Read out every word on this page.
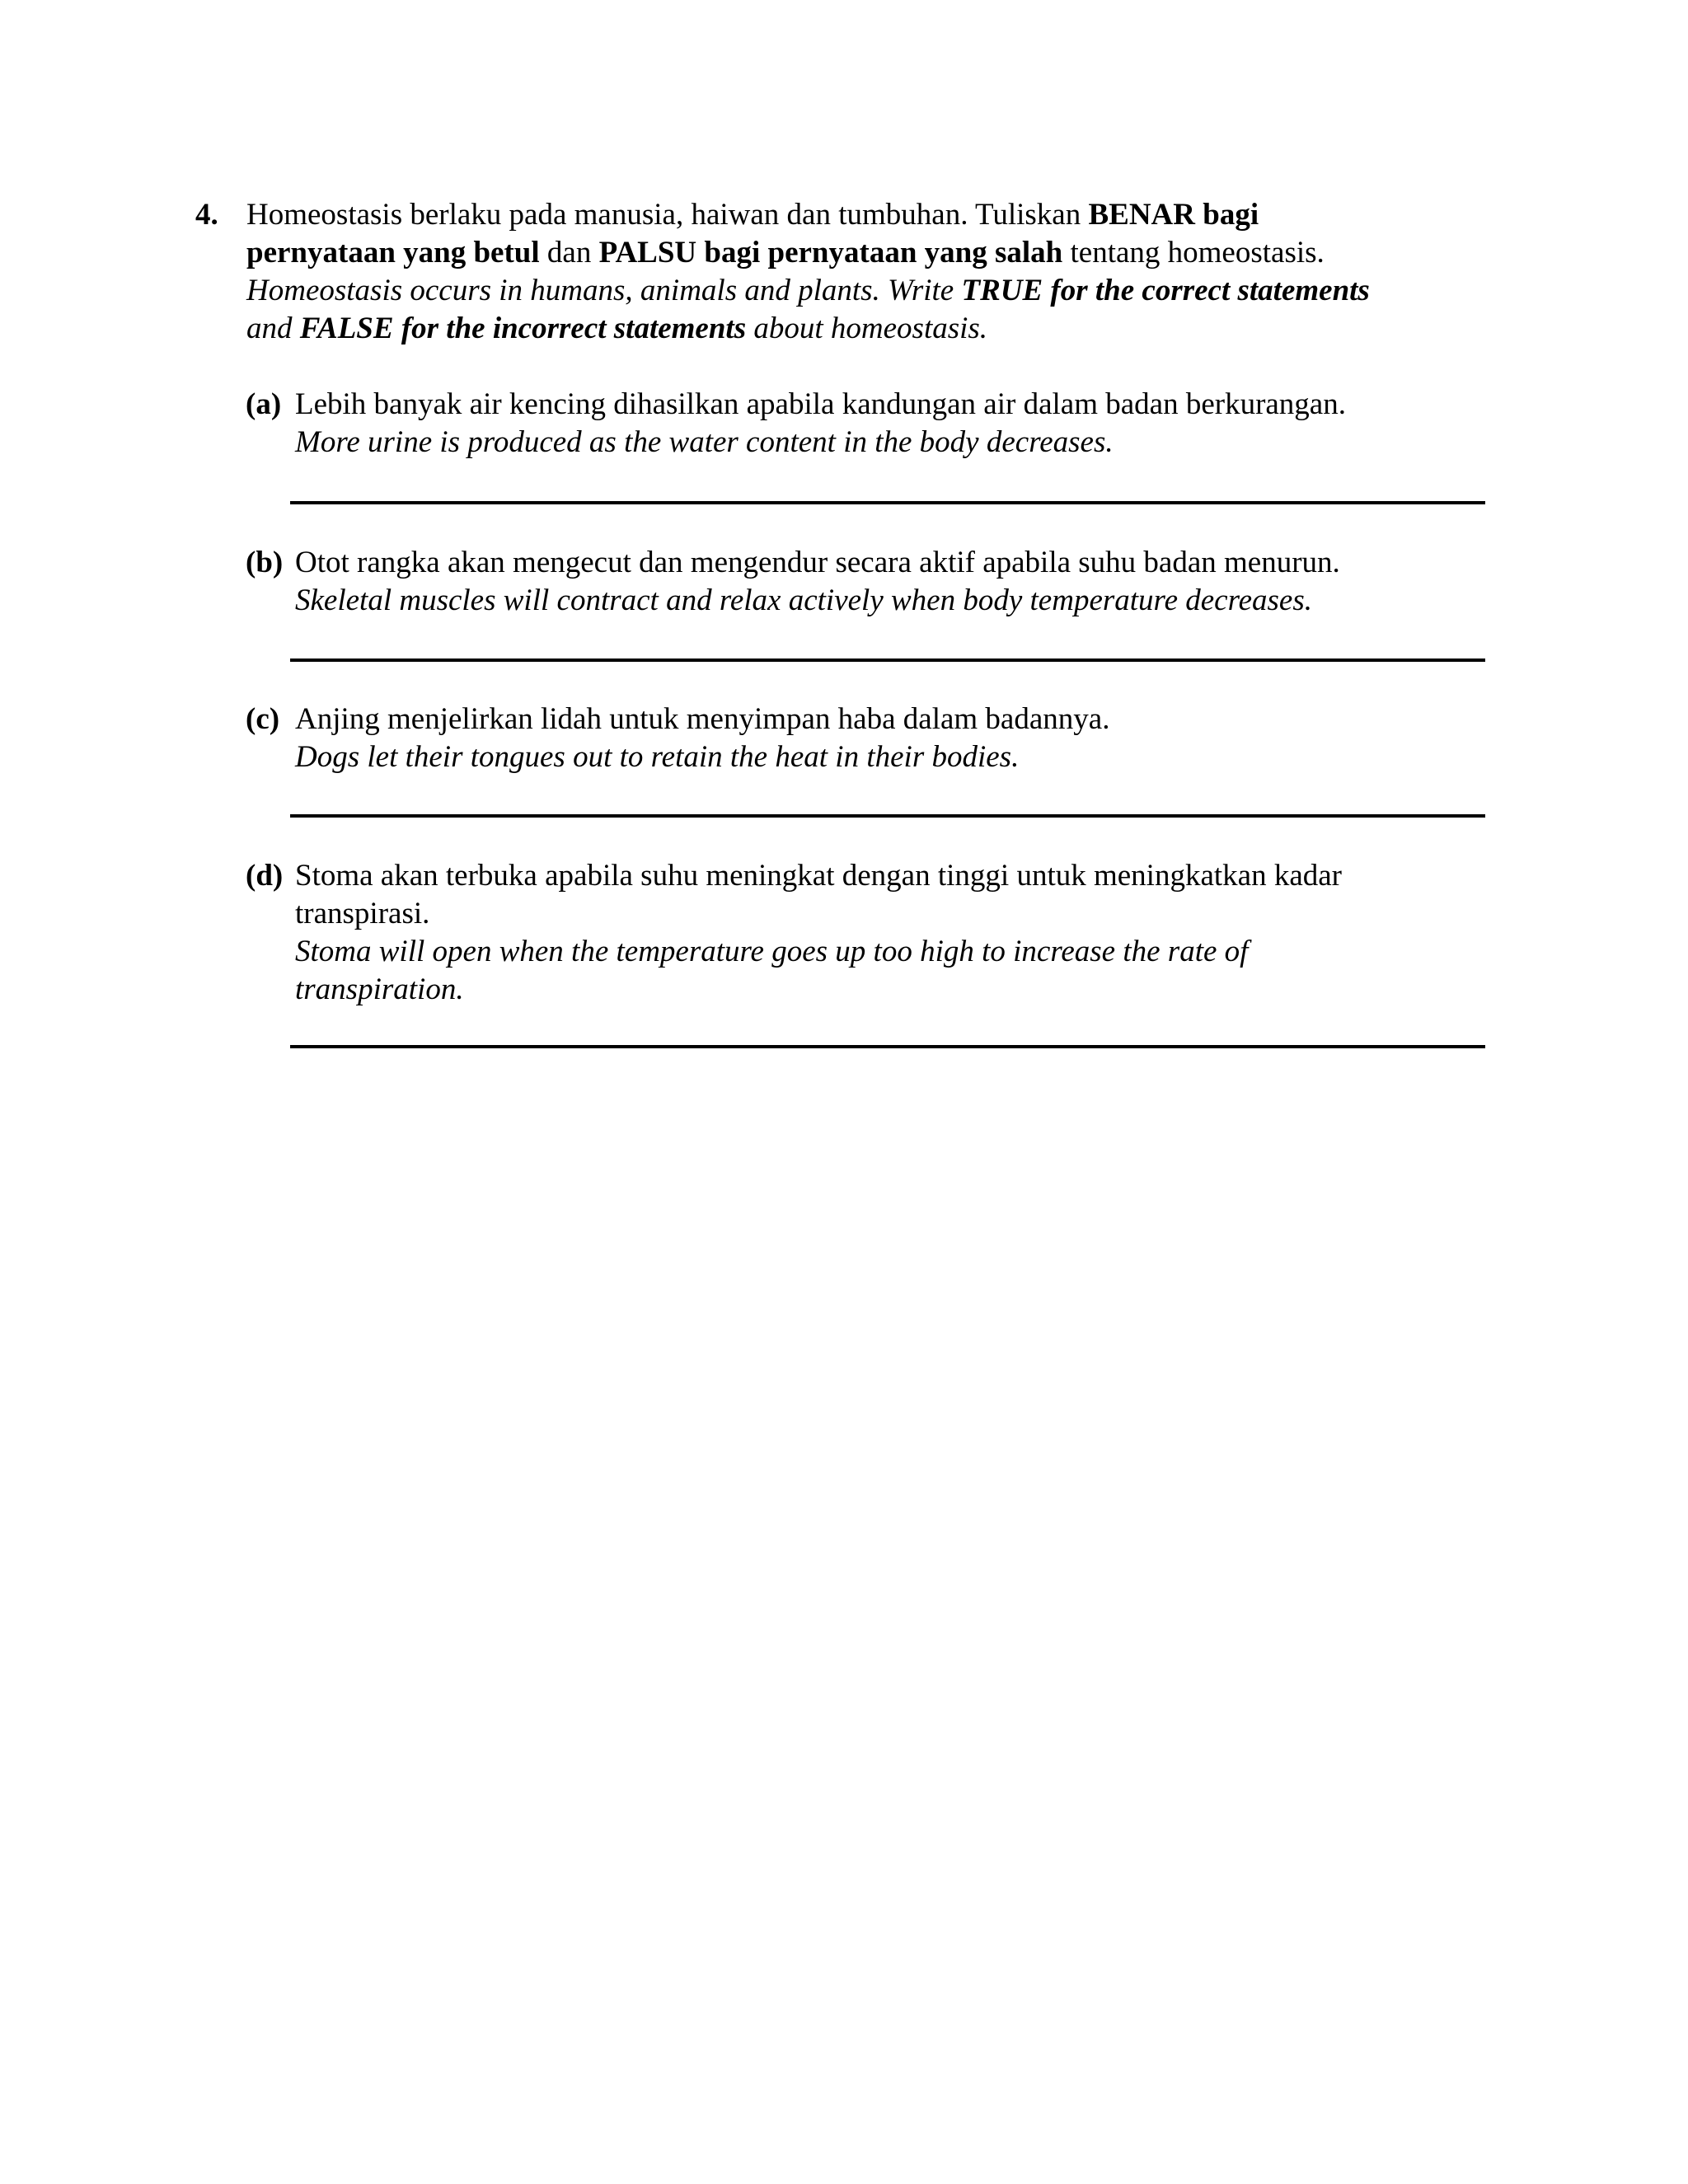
4. Homeostasis berlaku pada manusia, haiwan dan tumbuhan. Tuliskan BENAR bagi
pernyataan yang betul dan PALSU bagi pernyataan yang salah tentang homeostasis.
Homeostasis occurs in humans, animals and plants. Write TRUE for the correct statements
and FALSE for the incorrect statements about homeostasis.
(a) Lebih banyak air kencing dihasilkan apabila kandungan air dalam badan berkurangan.
More urine is produced as the water content in the body decreases.
(b) Otot rangka akan mengecut dan mengendur secara aktif apabila suhu badan menurun.
Skeletal muscles will contract and relax actively when body temperature decreases.
(c) Anjing menjelirkan lidah untuk menyimpan haba dalam badannya.
Dogs let their tongues out to retain the heat in their bodies.
(d) Stoma akan terbuka apabila suhu meningkat dengan tinggi untuk meningkatkan kadar
transpirasi.
Stoma will open when the temperature goes up too high to increase the rate of
transpiration.
